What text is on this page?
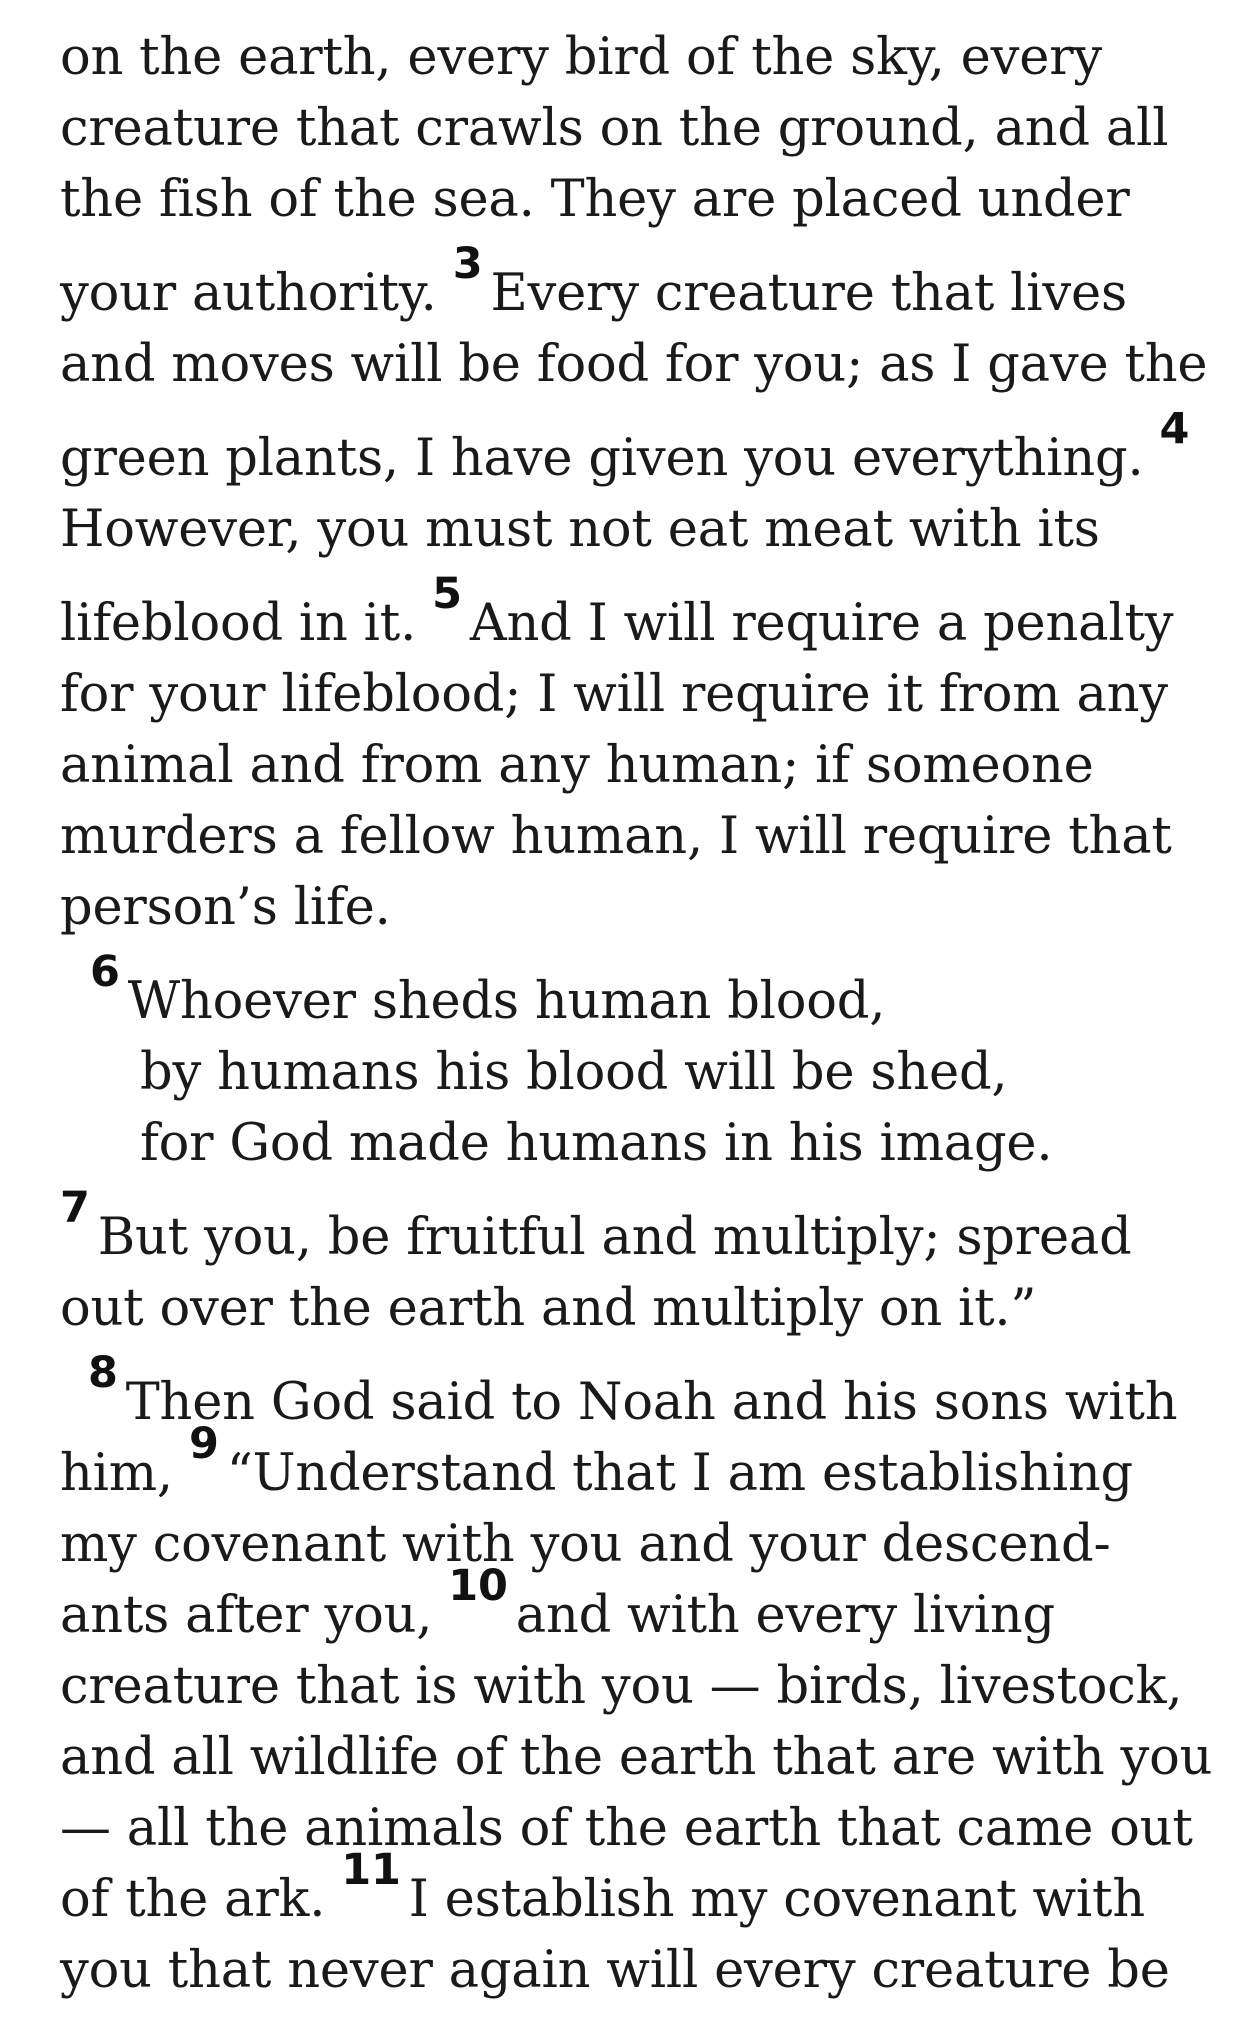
on the earth, every bird of the sky, every
creature that crawls on the ground, and all
the fish of the sea. They are placed under
your authority. $^3$ Every creature that lives
and moves will be food for you; as I gave the
green plants, I have given you everything. $^4$
However, you must not eat meat with its
lifeblood in it. $^5$ And I will require a penalty
for your lifeblood; I will require it from any
animal and from any human; if someone
murders a fellow human, I will require that
person’s life.
$^6$ Whoever sheds human blood,
by humans his blood will be shed,
for God made humans in his image.
$^7$ But you, be fruitful and multiply; spread
out over the earth and multiply on it.”
$^8$ Then God said to Noah and his sons with
him, $^9$ “Understand that I am establishing
my covenant with you and your descend-
ants after you, $^{10}$ and with every living
creature that is with you — birds, livestock,
and all wildlife of the earth that are with you
— all the animals of the earth that came out
of the ark. $^{11}$ I establish my covenant with
you that never again will every creature be
